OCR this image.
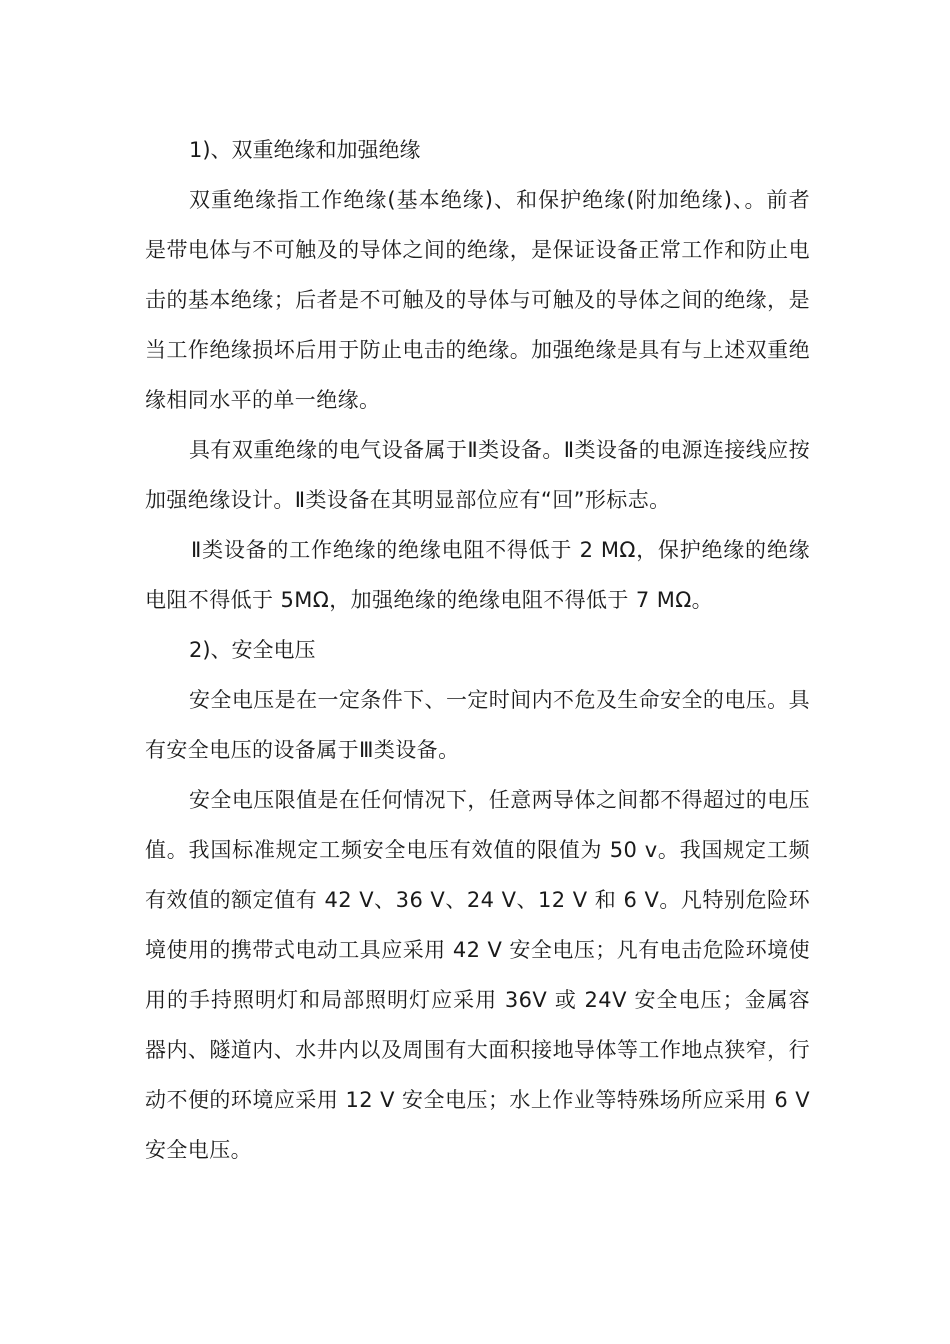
1)、双重绝缘和加强绝缘

双重绝缘指工作绝缘(基本绝缘)、和保护绝缘(附加绝缘)、。前者是带电体与不可触及的导体之间的绝缘，是保证设备正常工作和防止电击的基本绝缘；后者是不可触及的导体与可触及的导体之间的绝缘，是当工作绝缘损坏后用于防止电击的绝缘。加强绝缘是具有与上述双重绝缘相同水平的单一绝缘。

具有双重绝缘的电气设备属于Ⅱ类设备。Ⅱ类设备的电源连接线应按加强绝缘设计。Ⅱ类设备在其明显部位应有“回”形标志。

Ⅱ类设备的工作绝缘的绝缘电阻不得低于 2 MΩ，保护绝缘的绝缘电阻不得低于 5MΩ，加强绝缘的绝缘电阻不得低于 7 MΩ。

2)、安全电压

安全电压是在一定条件下、一定时间内不危及生命安全的电压。具有安全电压的设备属于Ⅲ类设备。

安全电压限值是在任何情况下，任意两导体之间都不得超过的电压值。我国标准规定工频安全电压有效值的限值为 50 v。我国规定工频有效值的额定值有 42 V、36 V、24 V、12 V 和 6 V。凡特别危险环境使用的携带式电动工具应采用 42 V 安全电压；凡有电击危险环境使用的手持照明灯和局部照明灯应采用 36V 或 24V 安全电压；金属容器内、隧道内、水井内以及周围有大面积接地导体等工作地点狭窄，行动不便的环境应采用 12 V 安全电压；水上作业等特殊场所应采用 6 V 安全电压。
